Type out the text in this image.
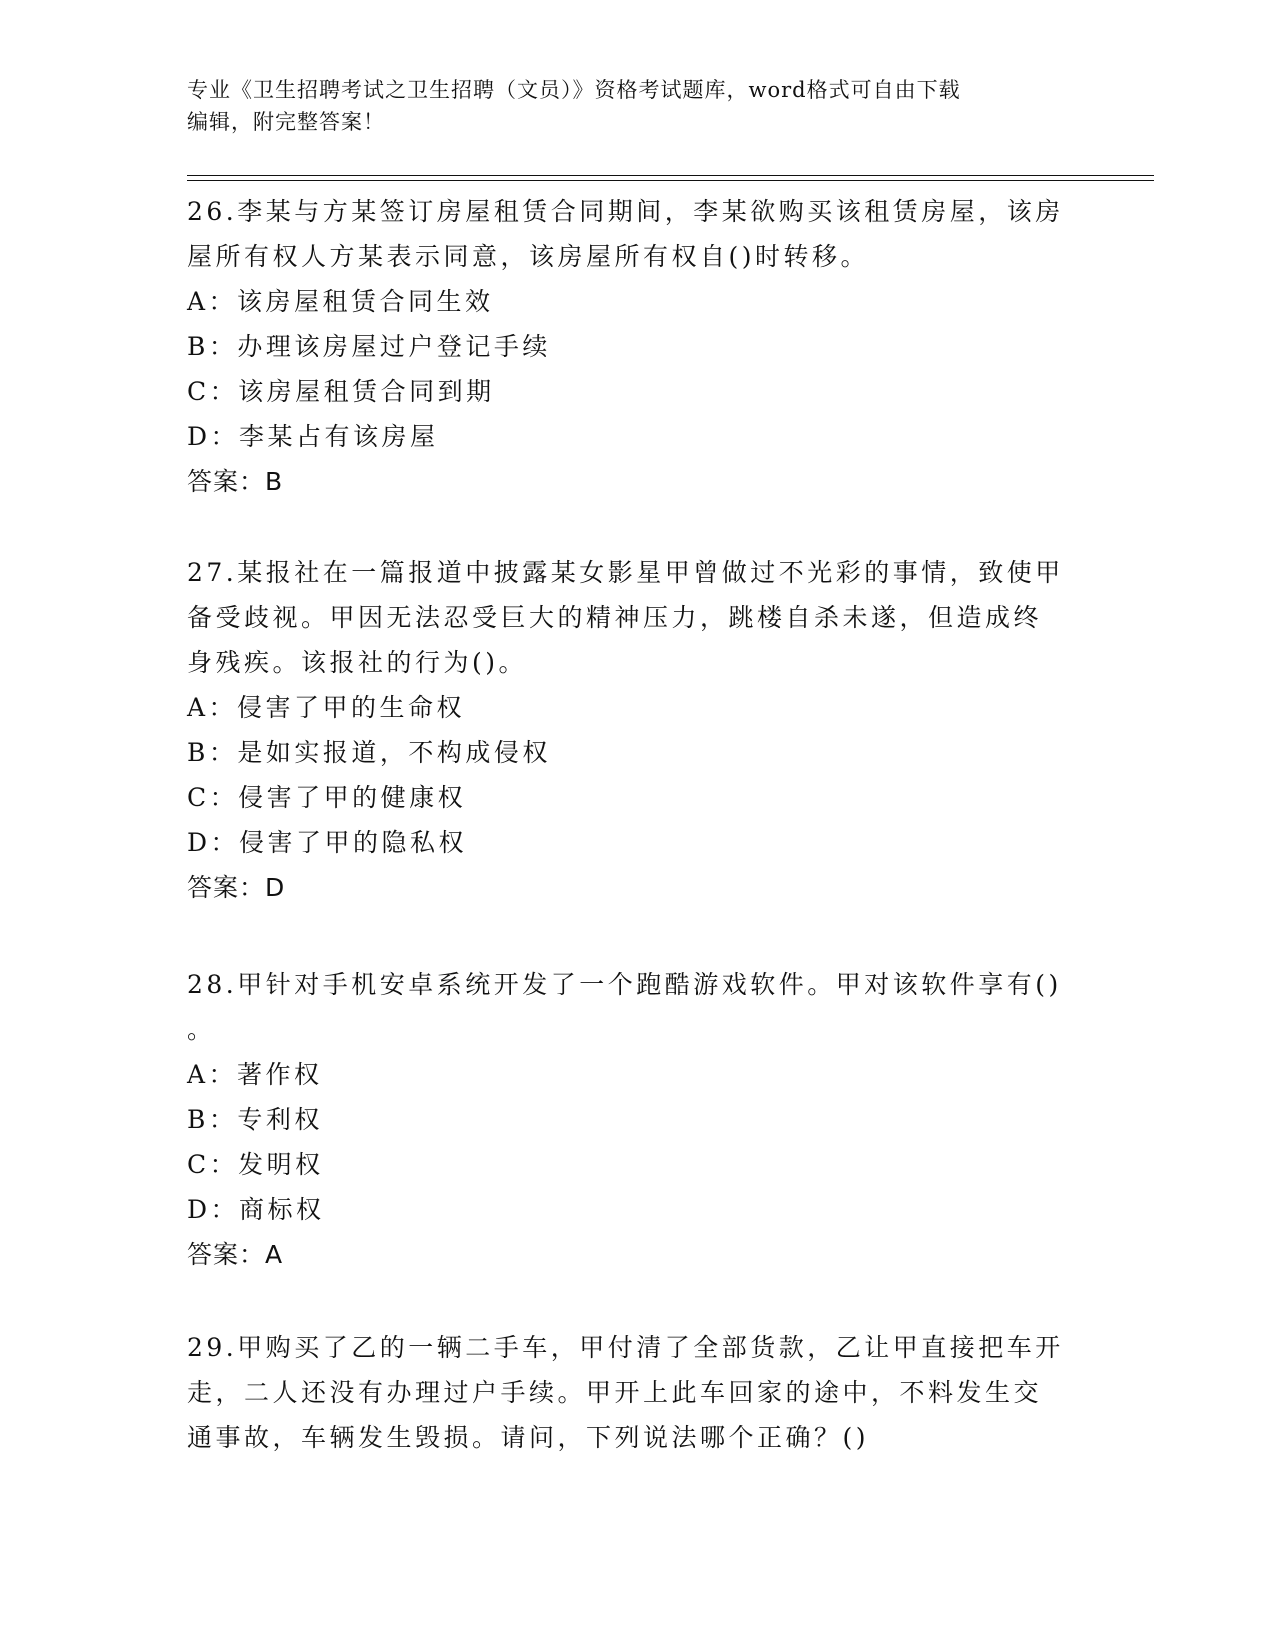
专业《卫生招聘考试之卫生招聘（文员）》资格考试题库，word格式可自由下载
编辑，附完整答案！
26.李某与方某签订房屋租赁合同期间，李某欲购买该租赁房屋，该房
屋所有权人方某表示同意，该房屋所有权自()时转移。
A：该房屋租赁合同生效
B：办理该房屋过户登记手续
C：该房屋租赁合同到期
D：李某占有该房屋
答案：B
27.某报社在一篇报道中披露某女影星甲曾做过不光彩的事情，致使甲
备受歧视。甲因无法忍受巨大的精神压力，跳楼自杀未遂，但造成终
身残疾。该报社的行为()。
A：侵害了甲的生命权
B：是如实报道，不构成侵权
C：侵害了甲的健康权
D：侵害了甲的隐私权
答案：D
28.甲针对手机安卓系统开发了一个跑酷游戏软件。甲对该软件享有()
。
A：著作权
B：专利权
C：发明权
D：商标权
答案：A
29.甲购买了乙的一辆二手车，甲付清了全部货款，乙让甲直接把车开
走，二人还没有办理过户手续。甲开上此车回家的途中，不料发生交
通事故，车辆发生毁损。请问，下列说法哪个正确？()
